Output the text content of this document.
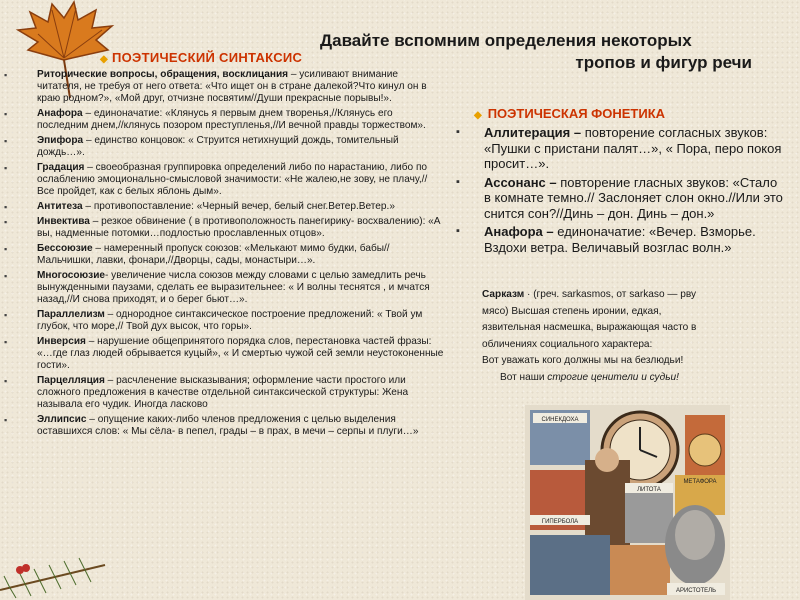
Давайте вспомним определения некоторых
тропов и фигур речи
◆ ПОЭТИЧЕСКИЙ СИНТАКСИС
▪	Риторические вопросы, обращения, восклицания – усиливают внимание читателя, не требуя от него ответа: «Что ищет он в стране далекой?Что кинул он в краю родном?», «Мой друг, отчизне посвятим//Души прекрасные порывы!».
▪	Анафора – единоначатие: «Клянусь я первым днем творенья,//Клянусь его последним днем,//клянусь позором преступленья,//И вечной правды торжеством».
▪	Эпифора – единство концовок: « Струится нетихнущий дождь, томительный дождь…».
▪	Градация – своеобразная группировка определений либо по нарастанию, либо по ослаблению эмоционально-смысловой значимости: «Не жалею,не зову, не плачу,//Все пройдет, как с белых яблонь дым».
▪	Антитеза – противопоставление: «Черный вечер, белый снег.Ветер.Ветер.»
▪	Инвектива – резкое обвинение ( в противоположность панегирику- восхвалению): «А вы, надменные потомки…подлостью прославленных отцов».
▪	Бессоюзие – намеренный пропуск союзов: «Мелькают мимо будки, бабы//Мальчишки, лавки, фонари,//Дворцы, сады, монастыри…».
▪	Многосоюзие- увеличение числа союзов между словами с целью замедлить речь вынужденными паузами, сделать ее выразительнее: « И волны теснятся , и мчатся назад,//И снова приходят, и о берег бьют…».
▪	Параллелизм – однородное синтаксическое построение предложений: « Твой ум глубок, что море,// Твой дух высок, что горы».
▪	Инверсия – нарушение общепринятого порядка слов, перестановка частей фразы: «…где глаз людей обрывается куцый», « И смертью чужой сей земли неустоконенные гости».
▪	Парцелляция – расчленение высказывания; оформление части простого или сложного предложения в качестве отдельной синтаксической структуры: Жена называла его чудик. Иногда ласково
▪	Эллипсис – опущение каких-либо членов предложения с целью выделения оставшихся слов: « Мы сёла- в пепел, грады – в прах, в мечи – серпы и плуги…»
◆ ПОЭТИЧЕСКАЯ ФОНЕТИКА
▪ Аллитерация – повторение согласных звуков: «Пушки с пристани палят…», « Пора, перо покоя просит…».
▪ Ассонанс – повторение гласных звуков: «Стало в комнате темно.// Заслоняет слон окно.//Или это снится сон?//Динь – дон. Динь – дон.»
▪ Анафора – единоначатие: «Вечер. Взморье. Вздохи ветра. Величавый возглас волн.»
Сарказм · (греч. sarkasmos, от sarkaso — рву
мясо) Высшая степень иронии, едкая,
язвительная насмешка, выражающая часто в
обличениях социального характера:
Вот уважать кого должны мы на безлюдьи!
Вот наши строгие ценители и судьи!
СИНЕКДОХА
ЛИТОТА
МЕТАФОРА
ГИПЕРБОЛА
АРИСТОТЕЛЬ
